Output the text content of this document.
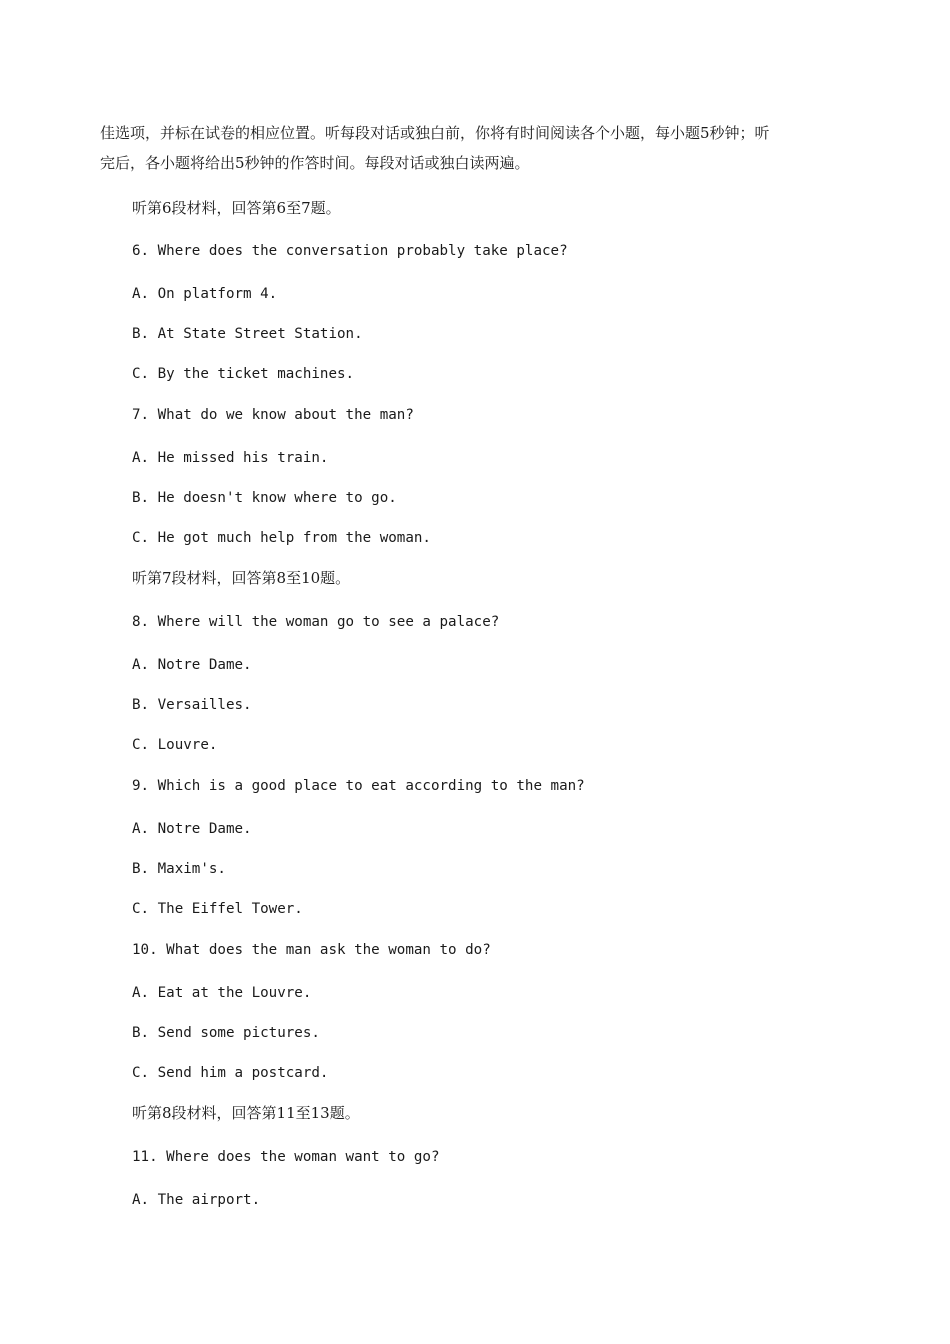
佳选项，并标在试卷的相应位置。听每段对话或独白前，你将有时间阅读各个小题，每小题5秒钟；听
完后，各小题将给出5秒钟的作答时间。每段对话或独白读两遍。
听第6段材料，回答第6至7题。
6. Where does the conversation probably take place?
A. On platform 4.
B. At State Street Station.
C. By the ticket machines.
7. What do we know about the man?
A. He missed his train.
B. He doesn't know where to go.
C. He got much help from the woman.
听第7段材料，回答第8至10题。
8. Where will the woman go to see a palace?
A. Notre Dame.
B. Versailles.
C. Louvre.
9. Which is a good place to eat according to the man?
A. Notre Dame.
B. Maxim's.
C. The Eiffel Tower.
10. What does the man ask the woman to do?
A. Eat at the Louvre.
B. Send some pictures.
C. Send him a postcard.
听第8段材料，回答第11至13题。
11. Where does the woman want to go?
A. The airport.
